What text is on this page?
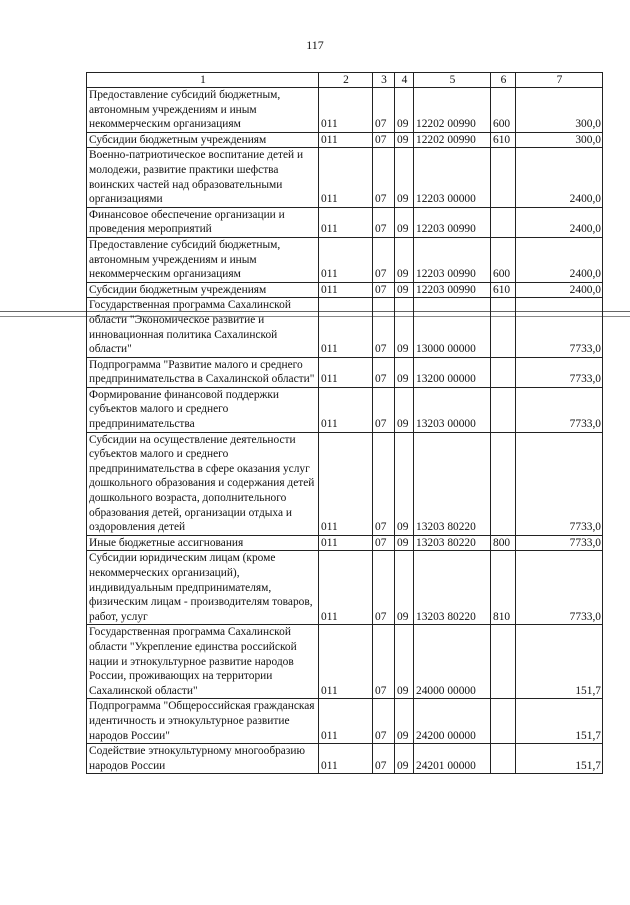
117
1	2	3	4	5	6	7
Предоставление субсидий бюджетным, автономным учреждениям и иным некоммерческим организациям	011	07	09	12202 00990	600	300,0
Субсидии бюджетным учреждениям	011	07	09	12202 00990	610	300,0
Военно-патриотическое воспитание детей и молодежи, развитие практики шефства воинских частей над образовательными организациями	011	07	09	12203 00000		2400,0
Финансовое обеспечение организации и проведения мероприятий	011	07	09	12203 00990		2400,0
Предоставление субсидий бюджетным, автономным учреждениям и иным некоммерческим организациям	011	07	09	12203 00990	600	2400,0
Субсидии бюджетным учреждениям	011	07	09	12203 00990	610	2400,0
Государственная программа Сахалинской области "Экономическое развитие и инновационная политика Сахалинской области"	011	07	09	13000 00000		7733,0
Подпрограмма "Развитие малого и среднего предпринимательства в Сахалинской области"	011	07	09	13200 00000		7733,0
Формирование финансовой поддержки субъектов малого и среднего предпринимательства	011	07	09	13203 00000		7733,0
Субсидии на осуществление деятельности субъектов малого и среднего предпринимательства в сфере оказания услуг дошкольного образования и содержания детей дошкольного возраста, дополнительного образования детей, организации отдыха и оздоровления детей	011	07	09	13203 80220		7733,0
Иные бюджетные ассигнования	011	07	09	13203 80220	800	7733,0
Субсидии юридическим лицам (кроме некоммерческих организаций), индивидуальным предпринимателям, физическим лицам - производителям товаров, работ, услуг	011	07	09	13203 80220	810	7733,0
Государственная программа Сахалинской области "Укрепление единства российской нации и этнокультурное развитие народов России, проживающих на территории Сахалинской области"	011	07	09	24000 00000		151,7
Подпрограмма "Общероссийская гражданская идентичность и этнокультурное развитие народов России"	011	07	09	24200 00000		151,7
Содействие этнокультурному многообразию народов России	011	07	09	24201 00000		151,7
